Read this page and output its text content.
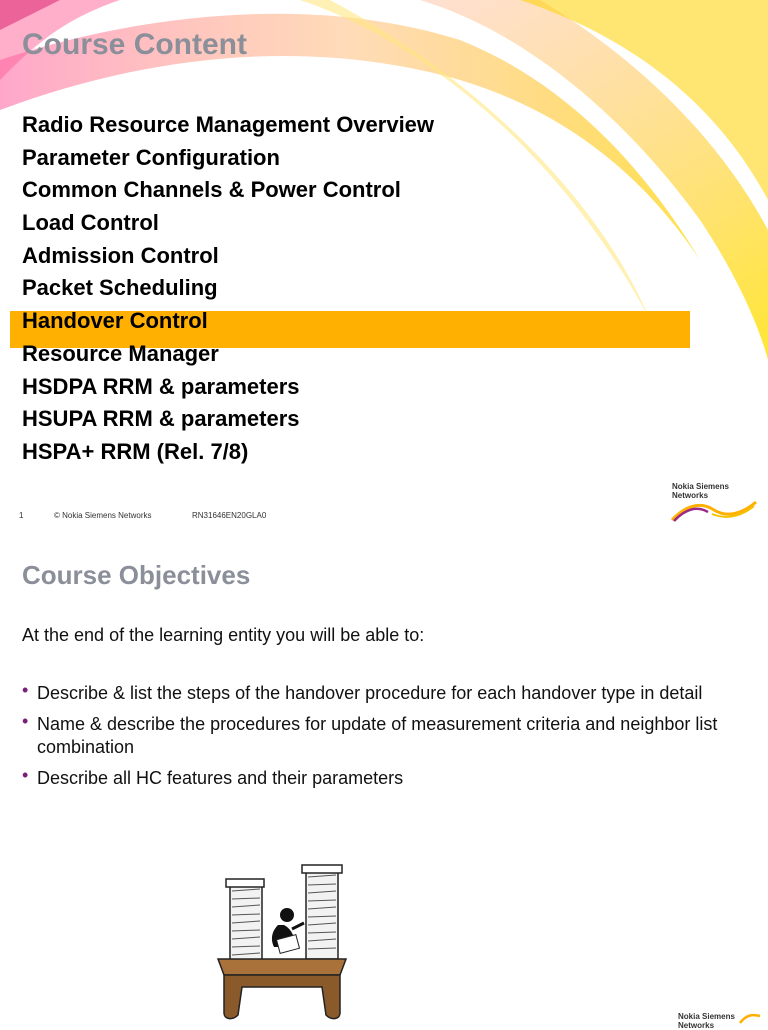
Course Content
Radio Resource Management Overview
Parameter Configuration
Common Channels & Power Control
Load Control
Admission Control
Packet Scheduling
Handover Control
Resource Manager
HSDPA RRM & parameters
HSUPA RRM & parameters
HSPA+ RRM (Rel. 7/8)
1	© Nokia Siemens Networks	RN31646EN20GLA0
Nokia Siemens
Networks
Course Objectives
At the end of the learning entity you will be able to:
• Describe & list the steps of the handover procedure for each handover type in detail
• Name & describe the procedures for update of measurement criteria and neighbor list combination
• Describe all HC features and their parameters
Nokia Siemens
Networks
